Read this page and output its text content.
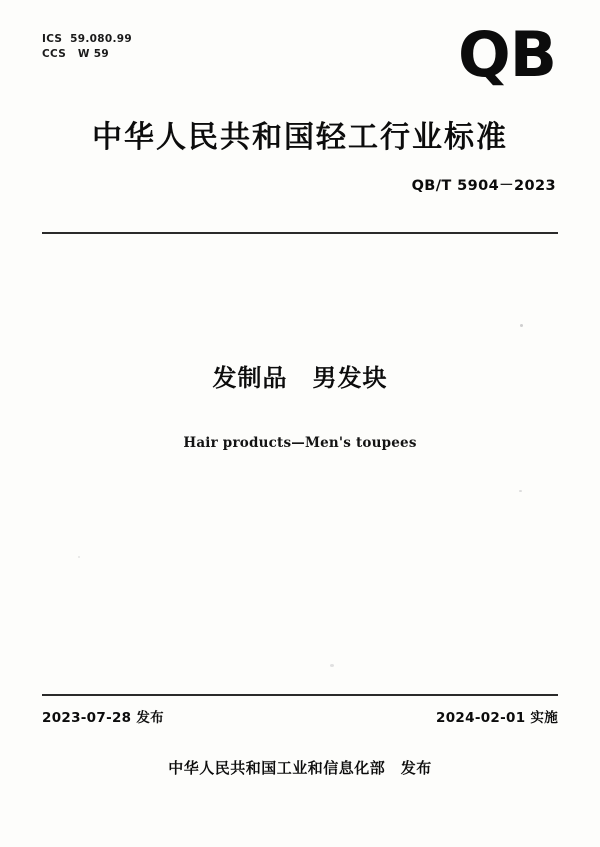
ICS  59.080.99
CCS   W 59	QB
中华人民共和国轻工行业标准
QB/T 5904－2023
发制品　男发块
Hair products—Men's toupees
2023-07-28 发布	2024-02-01 实施
中华人民共和国工业和信息化部　发布
